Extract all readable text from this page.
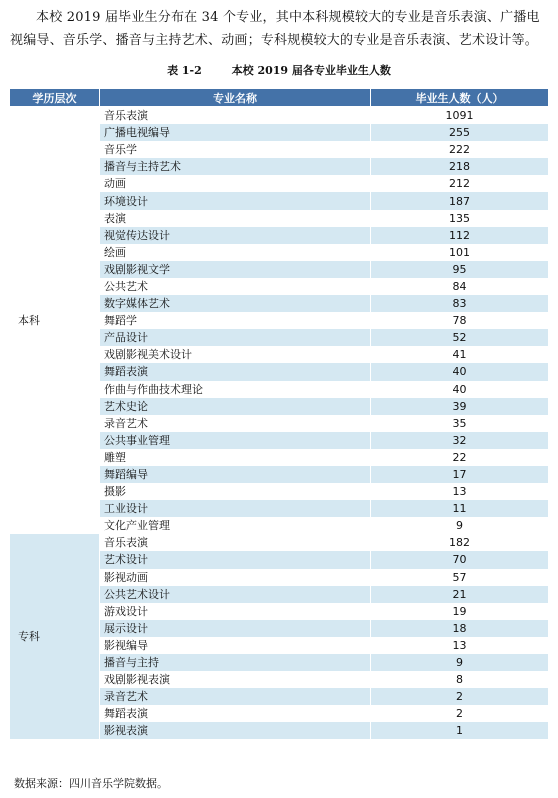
本校 2019 届毕业生分布在 34 个专业，其中本科规模较大的专业是音乐表演、广播电视编导、音乐学、播音与主持艺术、动画；专科规模较大的专业是音乐表演、艺术设计等。

表 1-2	本校 2019 届各专业毕业生人数
学历层次	专业名称	毕业生人数（人）
本科	音乐表演	1091
	广播电视编导	255
	音乐学	222
	播音与主持艺术	218
	动画	212
	环境设计	187
	表演	135
	视觉传达设计	112
	绘画	101
	戏剧影视文学	95
	公共艺术	84
	数字媒体艺术	83
	舞蹈学	78
	产品设计	52
	戏剧影视美术设计	41
	舞蹈表演	40
	作曲与作曲技术理论	40
	艺术史论	39
	录音艺术	35
	公共事业管理	32
	雕塑	22
	舞蹈编导	17
	摄影	13
	工业设计	11
	文化产业管理	9
专科	音乐表演	182
	艺术设计	70
	影视动画	57
	公共艺术设计	21
	游戏设计	19
	展示设计	18
	影视编导	13
	播音与主持	9
	戏剧影视表演	8
	录音艺术	2
	舞蹈表演	2
	影视表演	1
数据来源：四川音乐学院数据。
